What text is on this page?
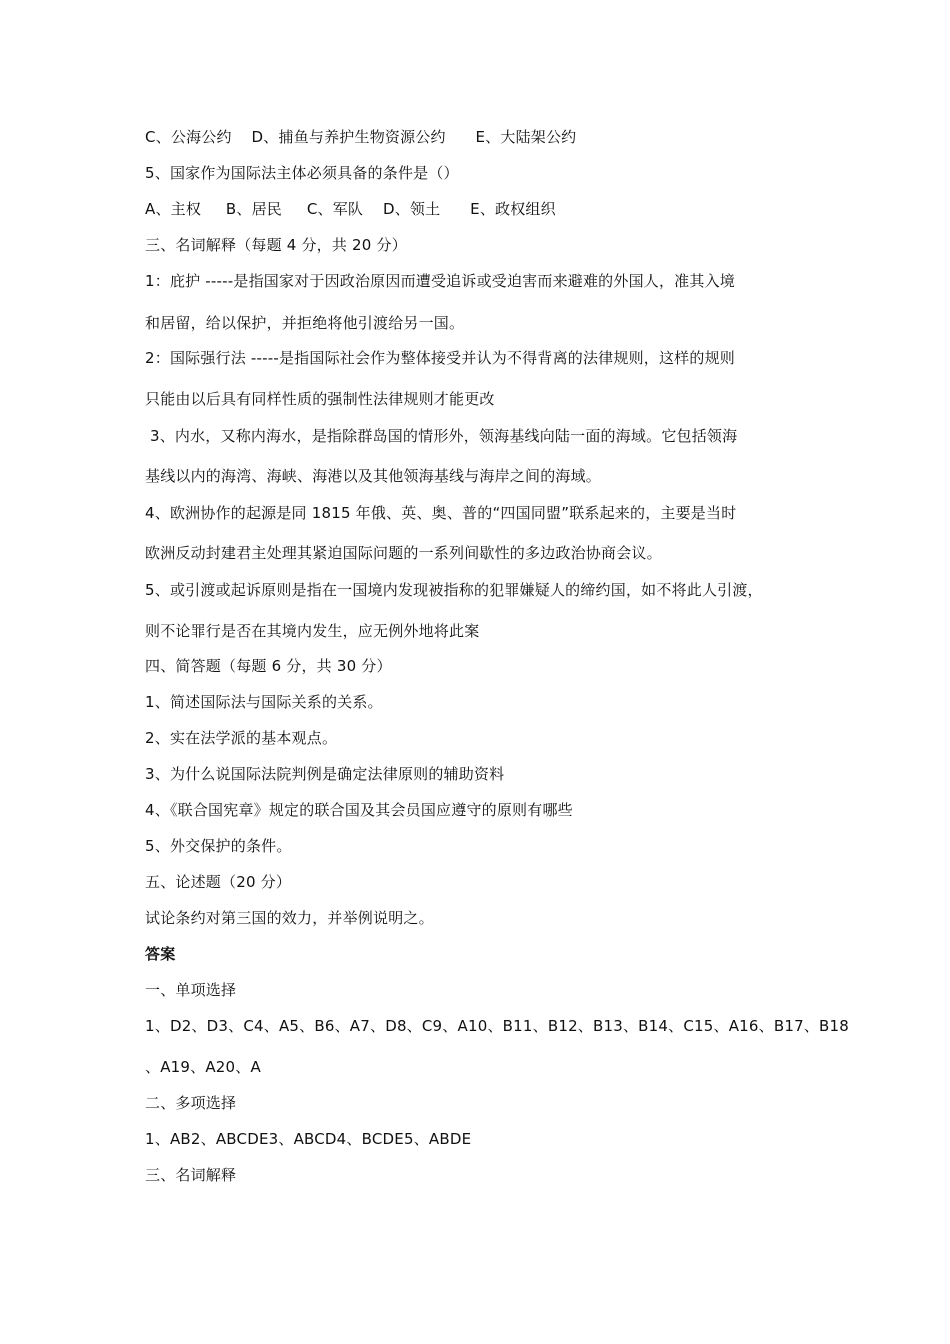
C、公海公约    D、捕鱼与养护生物资源公约      E、大陆架公约
5、国家作为国际法主体必须具备的条件是（）
A、主权     B、居民     C、军队    D、领土      E、政权组织
三、名词解释（每题 4 分，共 20 分）
1：庇护 -----是指国家对于因政治原因而遭受追诉或受迫害而来避难的外国人，准其入境
和居留，给以保护，并拒绝将他引渡给另一国。
2：国际强行法 -----是指国际社会作为整体接受并认为不得背离的法律规则，这样的规则
只能由以后具有同样性质的强制性法律规则才能更改
3、内水，又称内海水，是指除群岛国的情形外，领海基线向陆一面的海域。它包括领海
基线以内的海湾、海峡、海港以及其他领海基线与海岸之间的海域。
4、欧洲协作的起源是同 1815 年俄、英、奥、普的“四国同盟”联系起来的，主要是当时
欧洲反动封建君主处理其紧迫国际问题的一系列间歇性的多边政治协商会议。
5、或引渡或起诉原则是指在一国境内发现被指称的犯罪嫌疑人的缔约国，如不将此人引渡，
则不论罪行是否在其境内发生，应无例外地将此案
四、简答题（每题 6 分，共 30 分）
1、简述国际法与国际关系的关系。
2、实在法学派的基本观点。
3、为什么说国际法院判例是确定法律原则的辅助资料
4、《联合国宪章》规定的联合国及其会员国应遵守的原则有哪些
5、外交保护的条件。
五、论述题（20 分）
试论条约对第三国的效力，并举例说明之。
答案
一、单项选择
1、D2、D3、C4、A5、B6、A7、D8、C9、A10、B11、B12、B13、B14、C15、A16、B17、B18
、A19、A20、A
二、多项选择
1、AB2、ABCDE3、ABCD4、BCDE5、ABDE
三、名词解释
